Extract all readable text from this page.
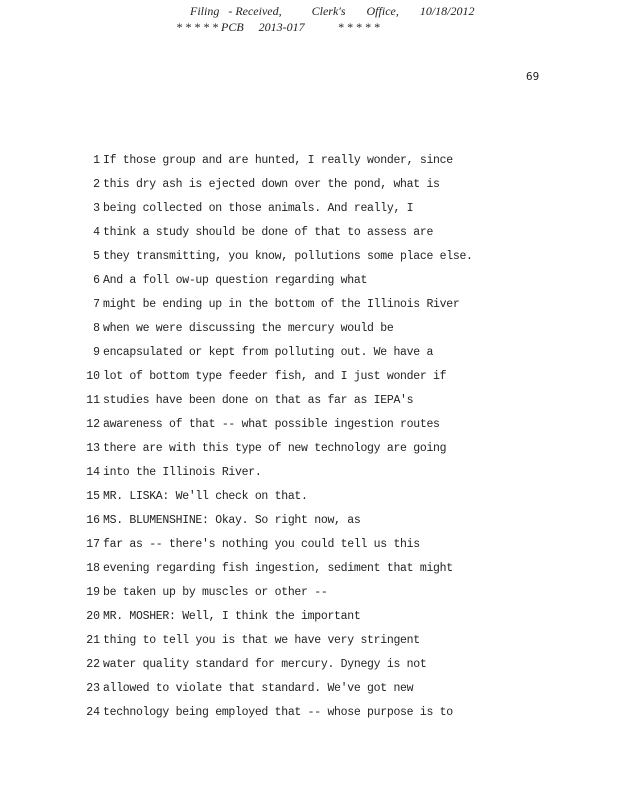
Filing   - Received,          Clerk's       Office,       10/18/2012
* * * * * PCB     2013-017           * * * * *
69
1 If those group and are hunted, I really wonder, since
2 this dry ash is ejected down over the pond, what is
3 being collected on those animals. And really, I
4 think a study should be done of that to assess are
5 they transmitting, you know, pollutions some place else.
6 And a foll ow-up question regarding what
7 might be ending up in the bottom of the Illinois River
8 when we were discussing the mercury would be
9 encapsulated or kept from polluting out. We have a
10 lot of bottom type feeder fish, and I just wonder if
11 studies have been done on that as far as IEPA's
12 awareness of that -- what possible ingestion routes
13 there are with this type of new technology are going
14 into the Illinois River.
15 MR. LISKA: We'll check on that.
16 MS. BLUMENSHINE: Okay. So right now, as
17 far as -- there's nothing you could tell us this
18 evening regarding fish ingestion, sediment that might
19 be taken up by muscles or other --
20 MR. MOSHER: Well, I think the important
21 thing to tell you is that we have very stringent
22 water quality standard for mercury. Dynegy is not
23 allowed to violate that standard. We've got new
24 technology being employed that -- whose purpose is to
